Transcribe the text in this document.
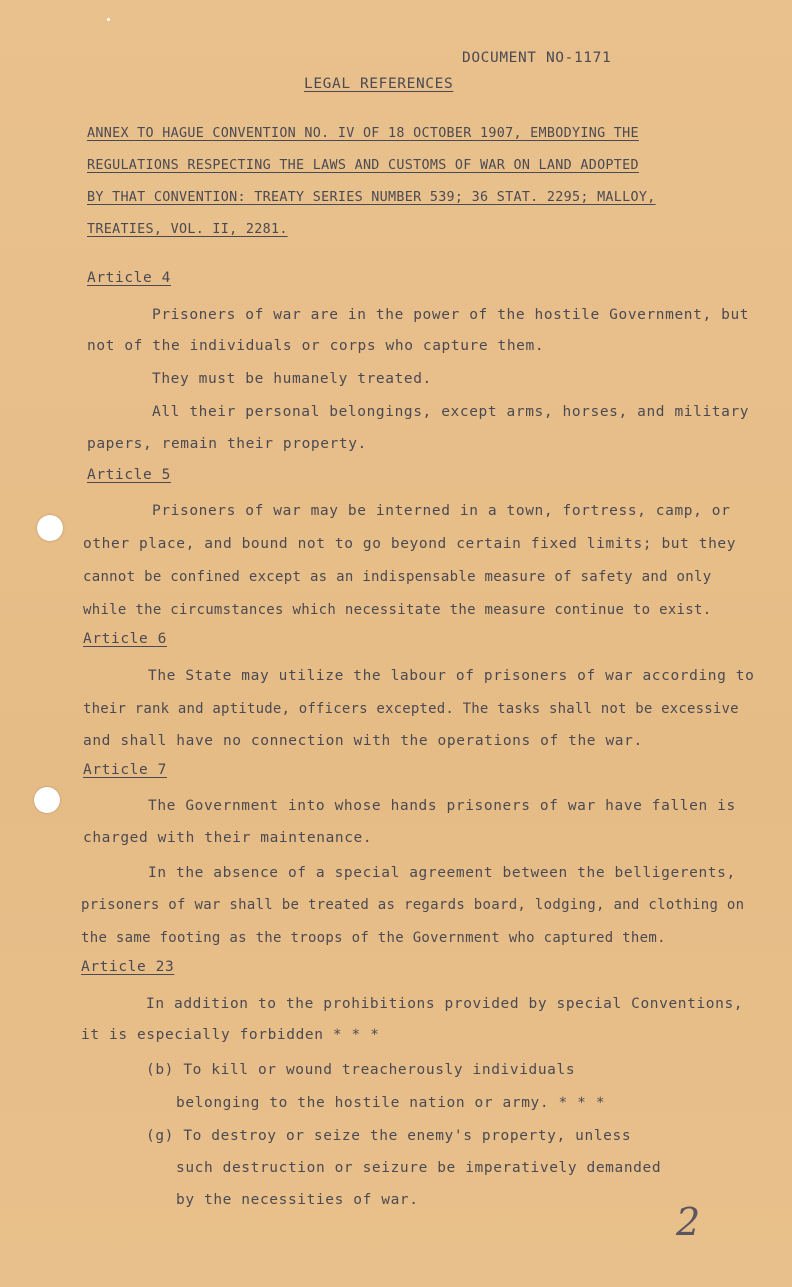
DOCUMENT NO-1171
LEGAL REFERENCES
ANNEX TO HAGUE CONVENTION NO. IV OF 18 OCTOBER 1907, EMBODYING THE
REGULATIONS RESPECTING THE LAWS AND CUSTOMS OF WAR ON LAND ADOPTED
BY THAT CONVENTION: TREATY SERIES NUMBER 539; 36 STAT. 2295; MALLOY,
TREATIES, VOL. II, 2281.
Article 4
Prisoners of war are in the power of the hostile Government, but
not of the individuals or corps who capture them.
They must be humanely treated.
All their personal belongings, except arms, horses, and military
papers, remain their property.
Article 5
Prisoners of war may be interned in a town, fortress, camp, or
other place, and bound not to go beyond certain fixed limits; but they
cannot be confined except as an indispensable measure of safety and only
while the circumstances which necessitate the measure continue to exist.
Article 6
The State may utilize the labour of prisoners of war according to
their rank and aptitude, officers excepted. The tasks shall not be excessive
and shall have no connection with the operations of the war.
Article 7
The Government into whose hands prisoners of war have fallen is
charged with their maintenance.
In the absence of a special agreement between the belligerents,
prisoners of war shall be treated as regards board, lodging, and clothing on
the same footing as the troops of the Government who captured them.
Article 23
In addition to the prohibitions provided by special Conventions,
it is especially forbidden * * *
(b) To kill or wound treacherously individuals
belonging to the hostile nation or army. * * *
(g) To destroy or seize the enemy's property, unless
such destruction or seizure be imperatively demanded
by the necessities of war.	2
